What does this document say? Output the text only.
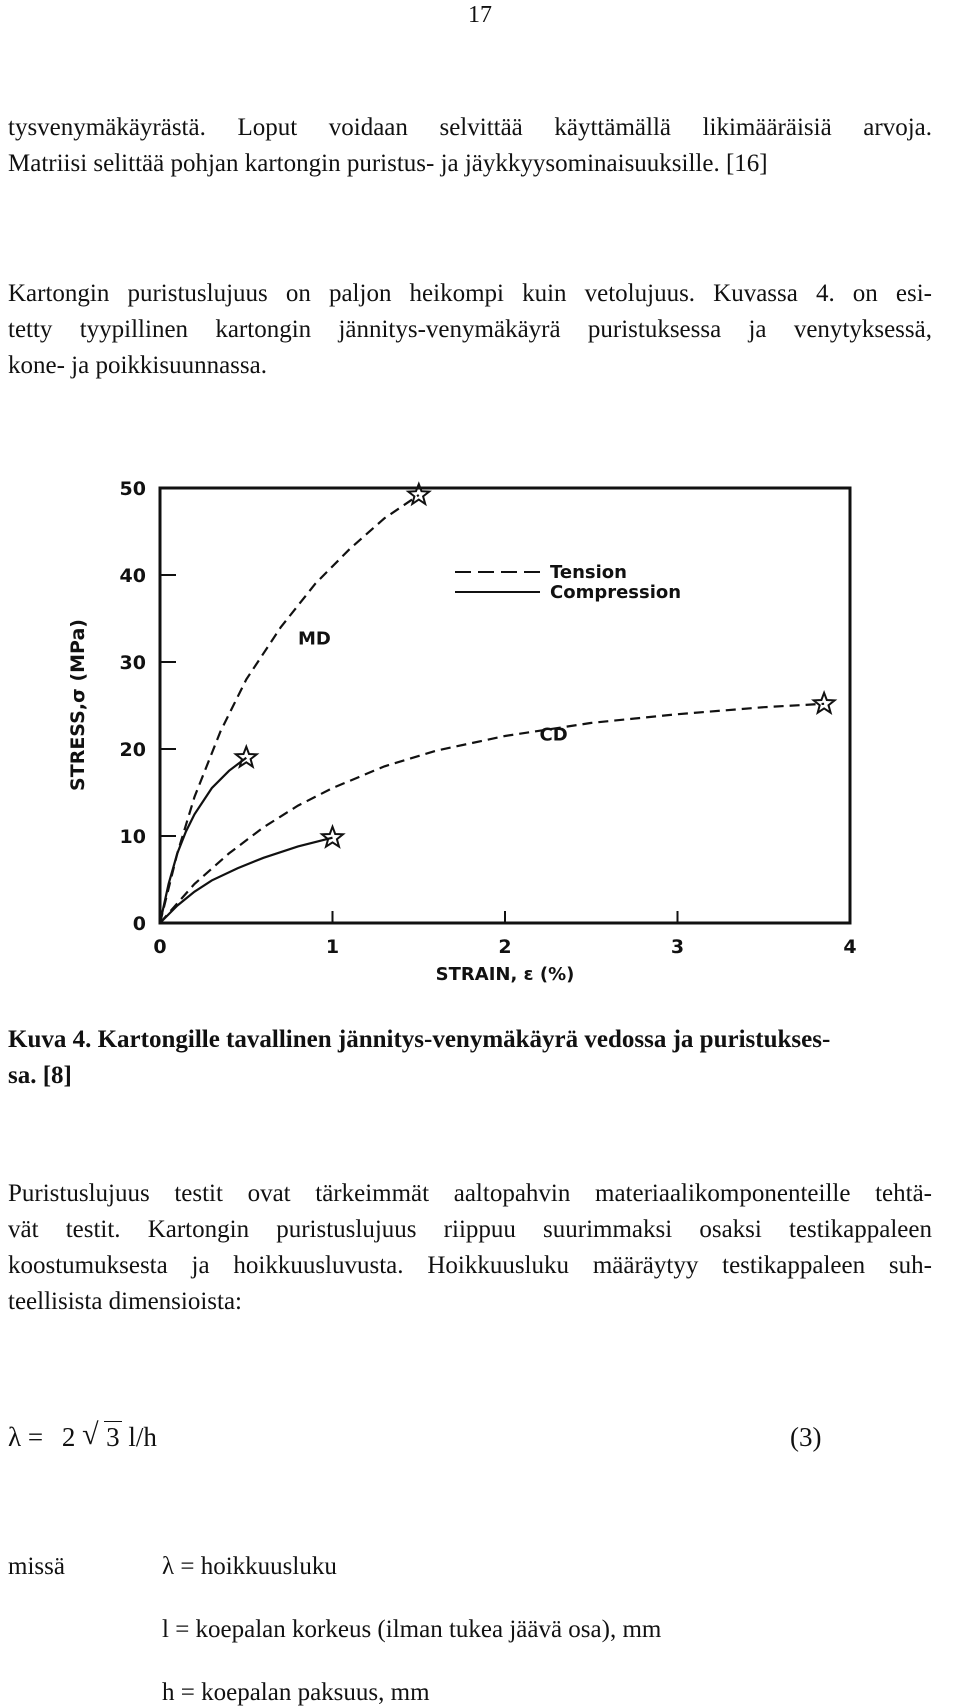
17
tysvenymäkäyrästä. Loput voidaan selvittää käyttämällä likimääräisiä arvoja.
Matriisi selittää pohjan kartongin puristus- ja jäykkyysominaisuuksille. [16]
Kartongin puristuslujuus on paljon heikompi kuin vetolujuus. Kuvassa 4. on esi-
tetty tyypillinen kartongin jännitys-venymäkäyrä puristuksessa ja venytyksessä,
kone- ja poikkisuunnassa.
0
10
20
30
40
50
0	1	2	3	4
Tension
Compression
MD
CD
STRAIN, ε (%)
STRESS,σ (MPa)
Kuva 4. Kartongille tavallinen jännitys-venymäkäyrä vedossa ja puristukses-
sa. [8]
Puristuslujuus testit ovat tärkeimmät aaltopahvin materiaalikomponenteille tehtä-
vät testit. Kartongin puristuslujuus riippuu suurimmaksi osaksi testikappaleen
koostumuksesta ja hoikkuusluvusta. Hoikkuusluku määräytyy testikappaleen suh-
teellisista dimensioista:
λ = 2 √ 3 l/h	(3)
missä	λ = hoikkuusluku
l = koepalan korkeus (ilman tukea jäävä osa), mm
h = koepalan paksuus, mm
